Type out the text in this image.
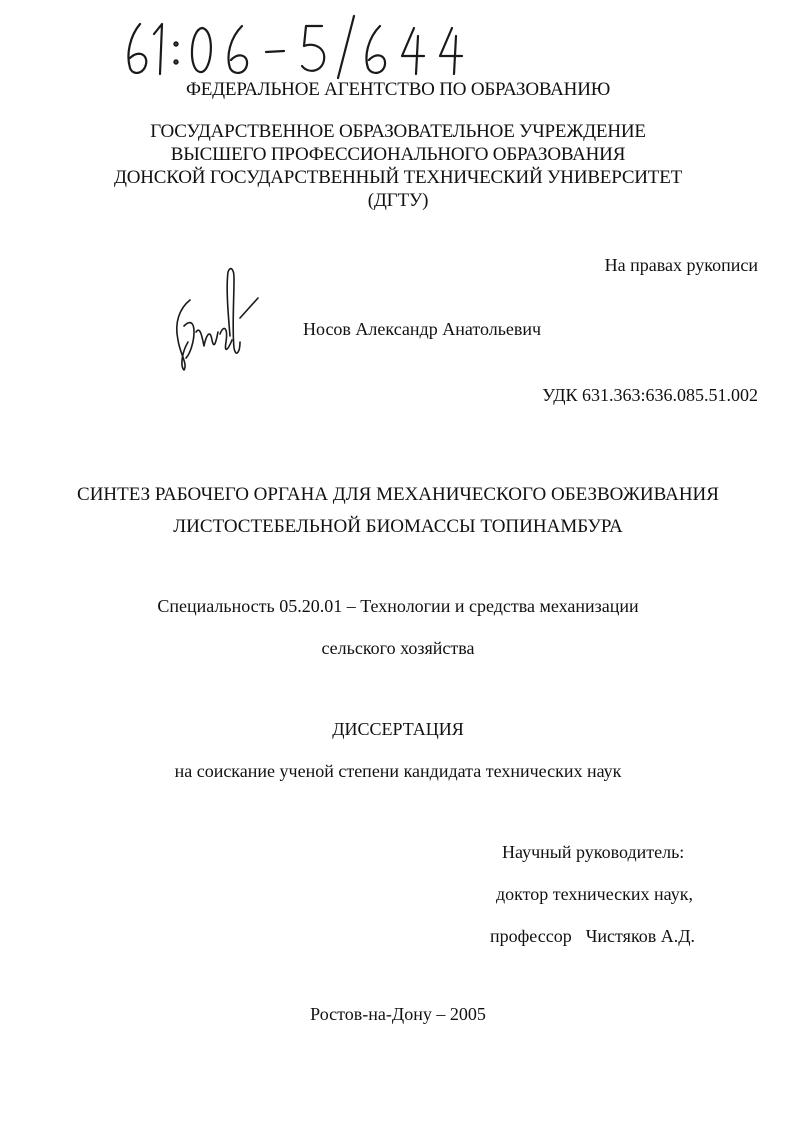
ФЕДЕРАЛЬНОЕ АГЕНТСТВО ПО ОБРАЗОВАНИЮ
ГОСУДАРСТВЕННОЕ ОБРАЗОВАТЕЛЬНОЕ УЧРЕЖДЕНИЕ
ВЫСШЕГО ПРОФЕССИОНАЛЬНОГО ОБРАЗОВАНИЯ
ДОНСКОЙ ГОСУДАРСТВЕННЫЙ ТЕХНИЧЕСКИЙ УНИВЕРСИТЕТ
(ДГТУ)
На правах рукописи
Носов Александр Анатольевич
УДК 631.363:636.085.51.002
СИНТЕЗ РАБОЧЕГО ОРГАНА ДЛЯ МЕХАНИЧЕСКОГО ОБЕЗВОЖИВАНИЯ
ЛИСТОСТЕБЕЛЬНОЙ БИОМАССЫ ТОПИНАМБУРА
Специальность 05.20.01 – Технологии и средства механизации
сельского хозяйства
ДИССЕРТАЦИЯ
на соискание ученой степени кандидата технических наук
Научный руководитель:
доктор технических наук,
профессор Чистяков А.Д.
Ростов-на-Дону – 2005
